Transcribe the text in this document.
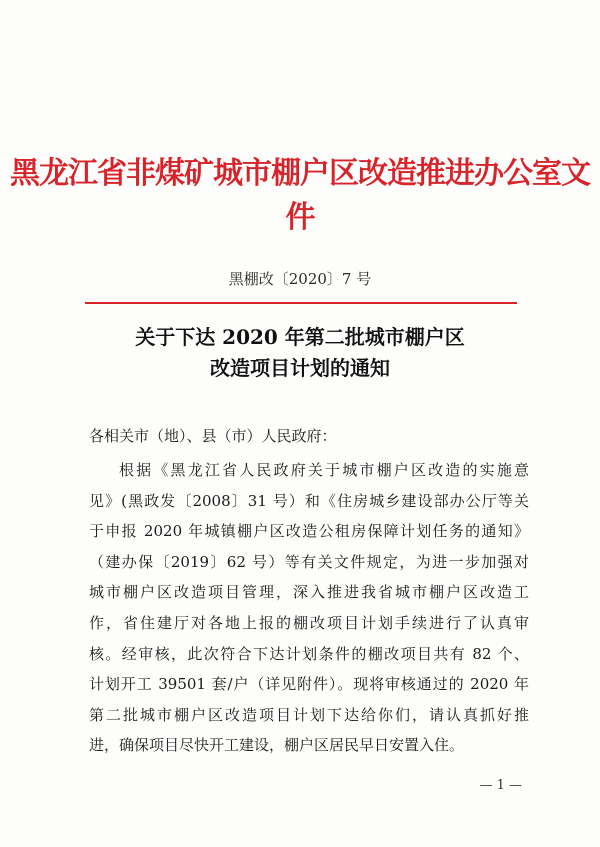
黑龙江省非煤矿城市棚户区改造推进办公室文件
黑棚改〔2020〕7 号
关于下达 2020 年第二批城市棚户区
改造项目计划的通知
各相关市（地）、县（市）人民政府：
根据《黑龙江省人民政府关于城市棚户区改造的实施意
见》(黑政发〔2008〕31 号）和《住房城乡建设部办公厅等关
于申报 2020 年城镇棚户区改造公租房保障计划任务的通知》
（建办保〔2019〕62 号）等有关文件规定，为进一步加强对
城市棚户区改造项目管理，深入推进我省城市棚户区改造工
作，省住建厅对各地上报的棚改项目计划手续进行了认真审
核。经审核，此次符合下达计划条件的棚改项目共有 82 个、
计划开工 39501 套/户（详见附件）。现将审核通过的 2020 年
第二批城市棚户区改造项目计划下达给你们，请认真抓好推
进，确保项目尽快开工建设，棚户区居民早日安置入住。
— 1 —
